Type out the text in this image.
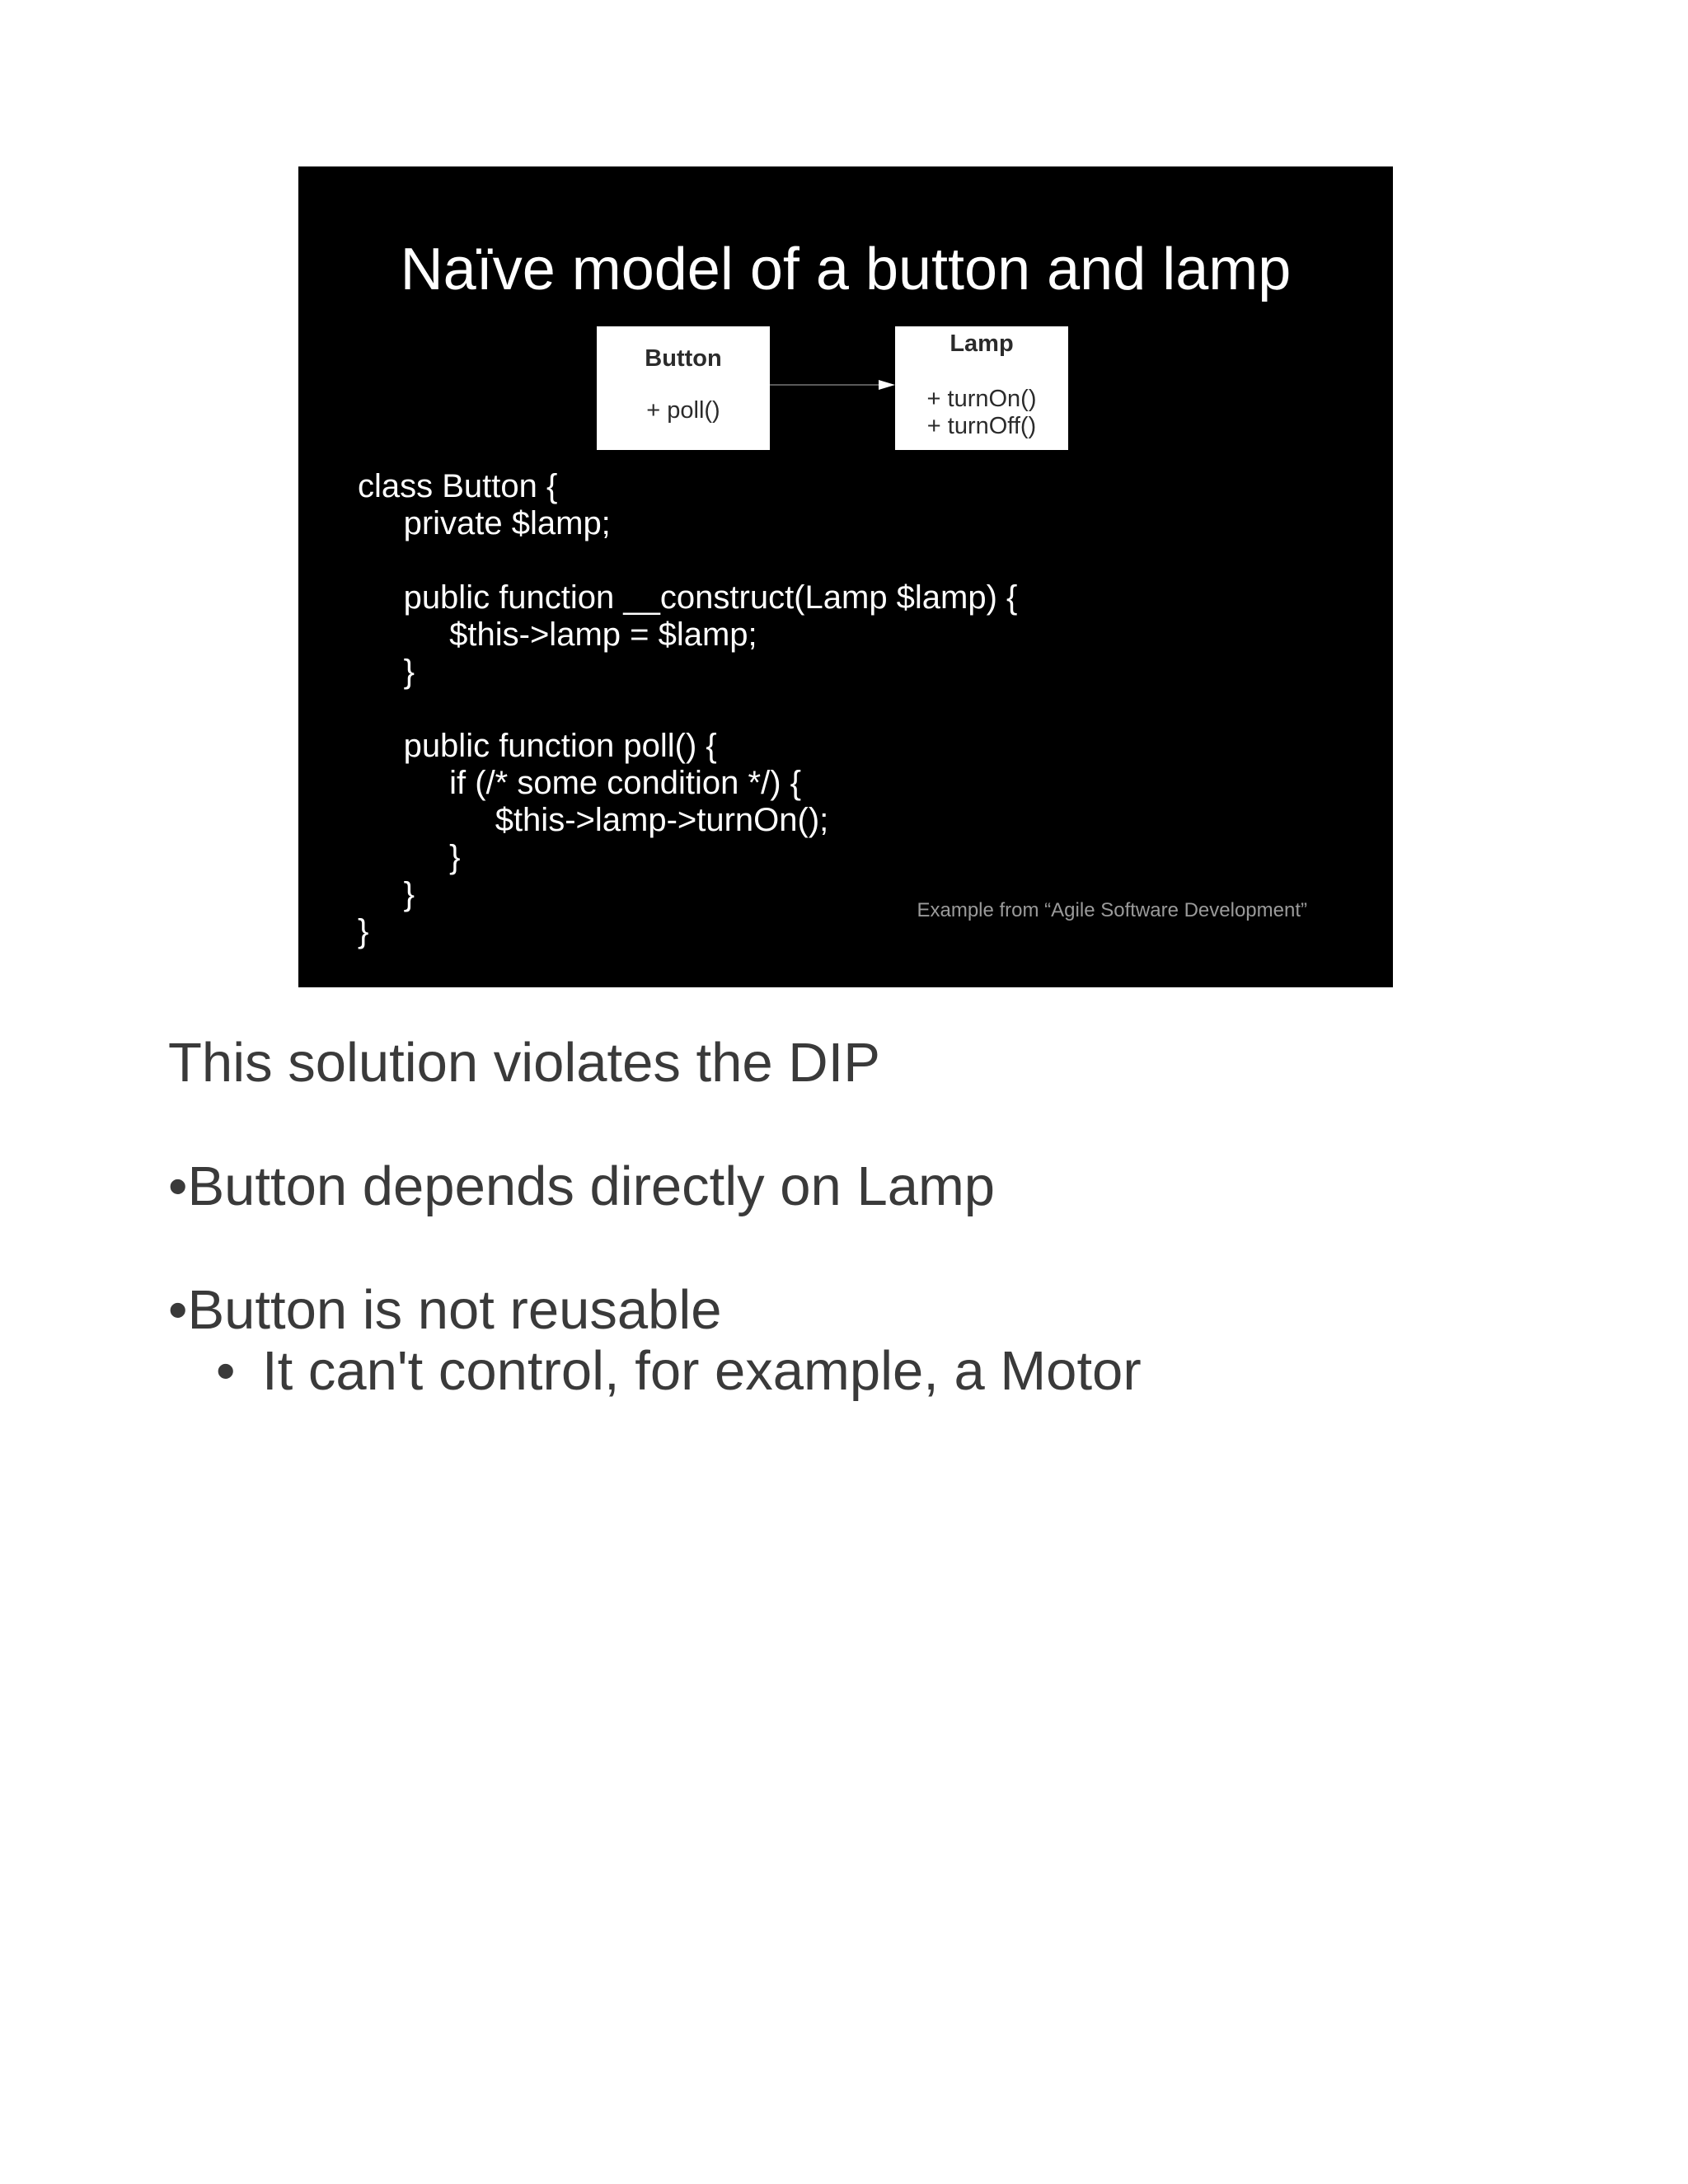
Naïve model of a button and lamp
Button
+ poll()
Lamp
+ turnOn()
+ turnOff()
class Button {
private $lamp;
public function __construct(Lamp $lamp) {
$this->lamp = $lamp;
}
public function poll() {
if (/* some condition */) {
$this->lamp->turnOn();
}
}
}
Example from “Agile Software Development”
This solution violates the DIP
•Button depends directly on Lamp
•Button is not reusable
• It can't control, for example, a Motor
